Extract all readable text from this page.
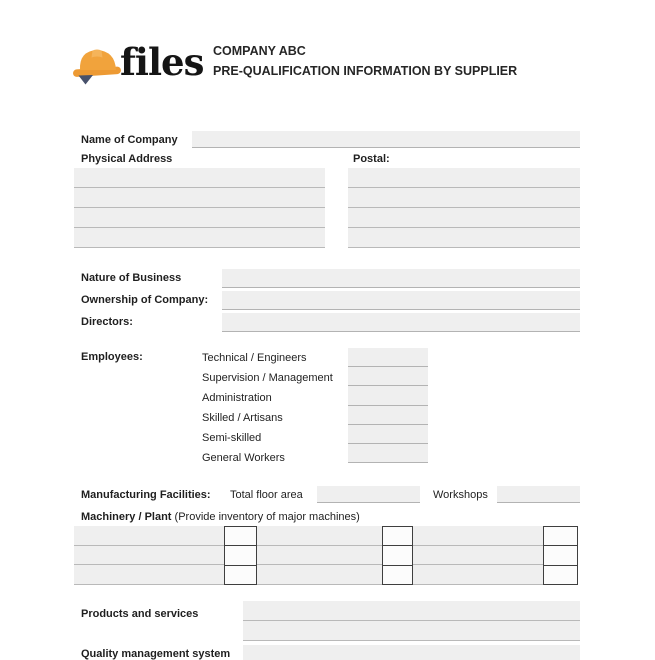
files COMPANY ABC
PRE-QUALIFICATION INFORMATION BY SUPPLIER
Name of Company
Physical Address	Postal:
Nature of Business
Ownership of Company:
Directors:
Employees:	Technical / Engineers
Supervision / Management
Administration
Skilled / Artisans
Semi-skilled
General Workers
Manufacturing Facilities: Total floor area	Workshops
Machinery / Plant (Provide inventory of major machines)
Products and services
Quality management system
